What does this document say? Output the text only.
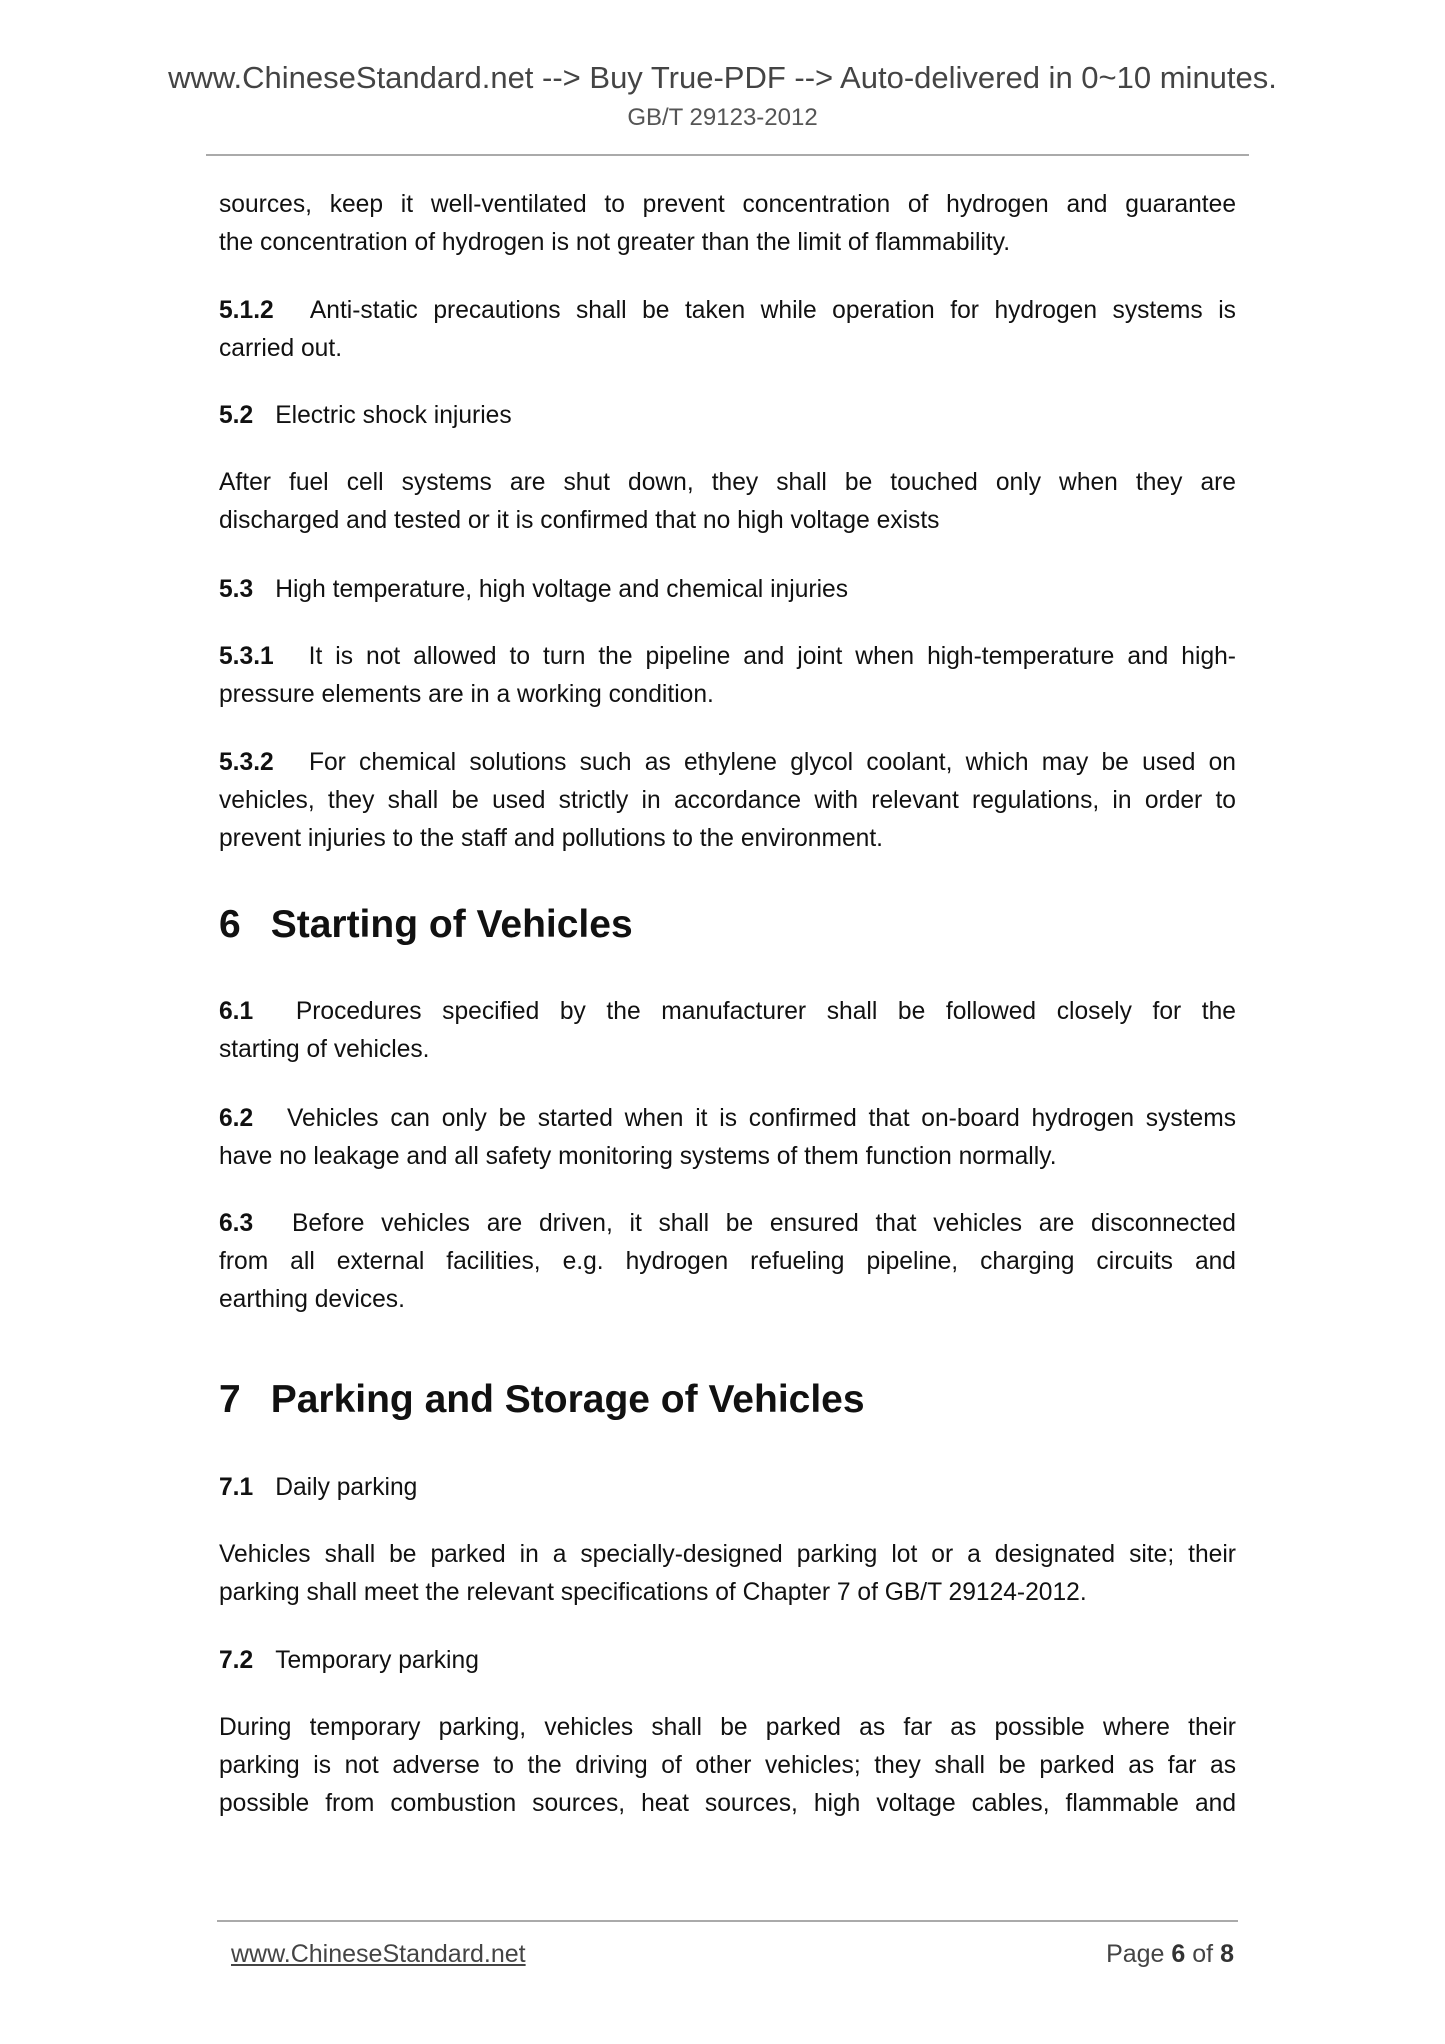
www.ChineseStandard.net --> Buy True-PDF --> Auto-delivered in 0~10 minutes.
GB/T 29123-2012
sources, keep it well-ventilated to prevent concentration of hydrogen and guarantee
the concentration of hydrogen is not greater than the limit of flammability.
5.1.2 Anti-static precautions shall be taken while operation for hydrogen systems is
carried out.
5.2 Electric shock injuries
After fuel cell systems are shut down, they shall be touched only when they are
discharged and tested or it is confirmed that no high voltage exists
5.3 High temperature, high voltage and chemical injuries
5.3.1 It is not allowed to turn the pipeline and joint when high-temperature and high-
pressure elements are in a working condition.
5.3.2 For chemical solutions such as ethylene glycol coolant, which may be used on
vehicles, they shall be used strictly in accordance with relevant regulations, in order to
prevent injuries to the staff and pollutions to the environment.
6 Starting of Vehicles
6.1 Procedures specified by the manufacturer shall be followed closely for the
starting of vehicles.
6.2 Vehicles can only be started when it is confirmed that on-board hydrogen systems
have no leakage and all safety monitoring systems of them function normally.
6.3 Before vehicles are driven, it shall be ensured that vehicles are disconnected
from all external facilities, e.g. hydrogen refueling pipeline, charging circuits and
earthing devices.
7 Parking and Storage of Vehicles
7.1 Daily parking
Vehicles shall be parked in a specially-designed parking lot or a designated site; their
parking shall meet the relevant specifications of Chapter 7 of GB/T 29124-2012.
7.2 Temporary parking
During temporary parking, vehicles shall be parked as far as possible where their
parking is not adverse to the driving of other vehicles; they shall be parked as far as
possible from combustion sources, heat sources, high voltage cables, flammable and
www.ChineseStandard.net	Page 6 of 8
